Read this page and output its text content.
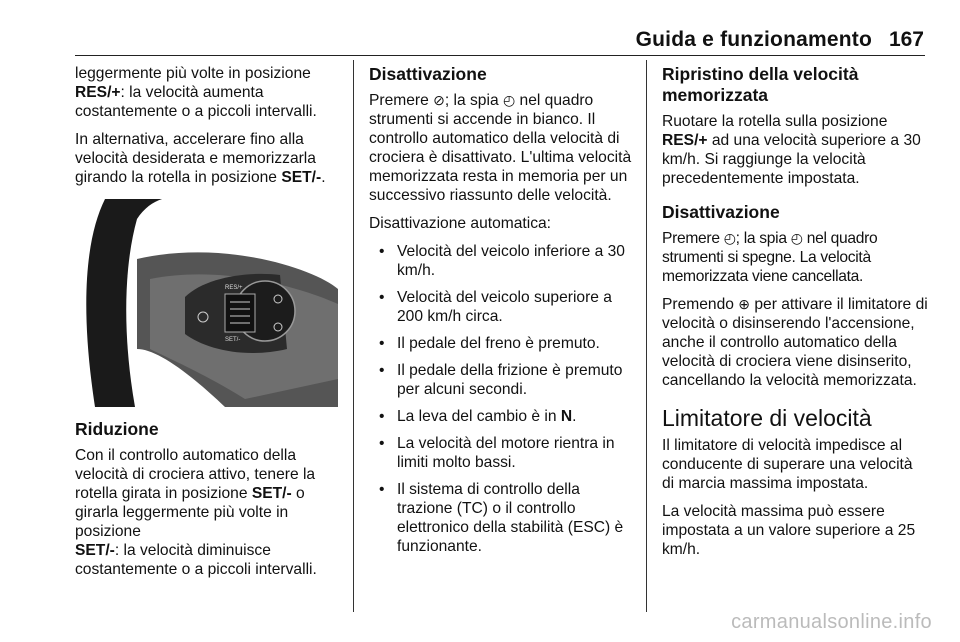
Guida e funzionamento 167

leggermente più volte in posizione
RES/+: la velocità aumenta costantemente o a piccoli intervalli.

In alternativa, accelerare fino alla velocità desiderata e memorizzarla girando la rotella in posizione SET/-.

RES/+
SET/-
Riduzione

Con il controllo automatico della velocità di crociera attivo, tenere la rotella girata in posizione SET/- o girarla leggermente più volte in posizione
SET/-: la velocità diminuisce costantemente o a piccoli intervalli.

Disattivazione

Premere ⊘; la spia ◴ nel quadro strumenti si accende in bianco. Il controllo automatico della velocità di crociera è disattivato. L'ultima velocità memorizzata resta in memoria per un successivo riassunto delle velocità.

Disattivazione automatica:

• Velocità del veicolo inferiore a 30 km/h.
• Velocità del veicolo superiore a 200 km/h circa.
• Il pedale del freno è premuto.
• Il pedale della frizione è premuto per alcuni secondi.
• La leva del cambio è in N.
• La velocità del motore rientra in limiti molto bassi.
• Il sistema di controllo della trazione (TC) o il controllo elettronico della stabilità (ESC) è funzionante.
Ripristino della velocità memorizzata

Ruotare la rotella sulla posizione
RES/+ ad una velocità superiore a 30 km/h. Si raggiunge la velocità precedentemente impostata.

Disattivazione

Premere ◴; la spia ◴ nel quadro strumenti si spegne. La velocità memorizzata viene cancellata.

Premendo ⊕ per attivare il limitatore di velocità o disinserendo l'accensione, anche il controllo automatico della velocità di crociera viene disinserito, cancellando la velocità memorizzata.

Limitatore di velocità

Il limitatore di velocità impedisce al conducente di superare una velocità di marcia massima impostata.

La velocità massima può essere impostata a un valore superiore a 25 km/h.

carmanualsonline.info
